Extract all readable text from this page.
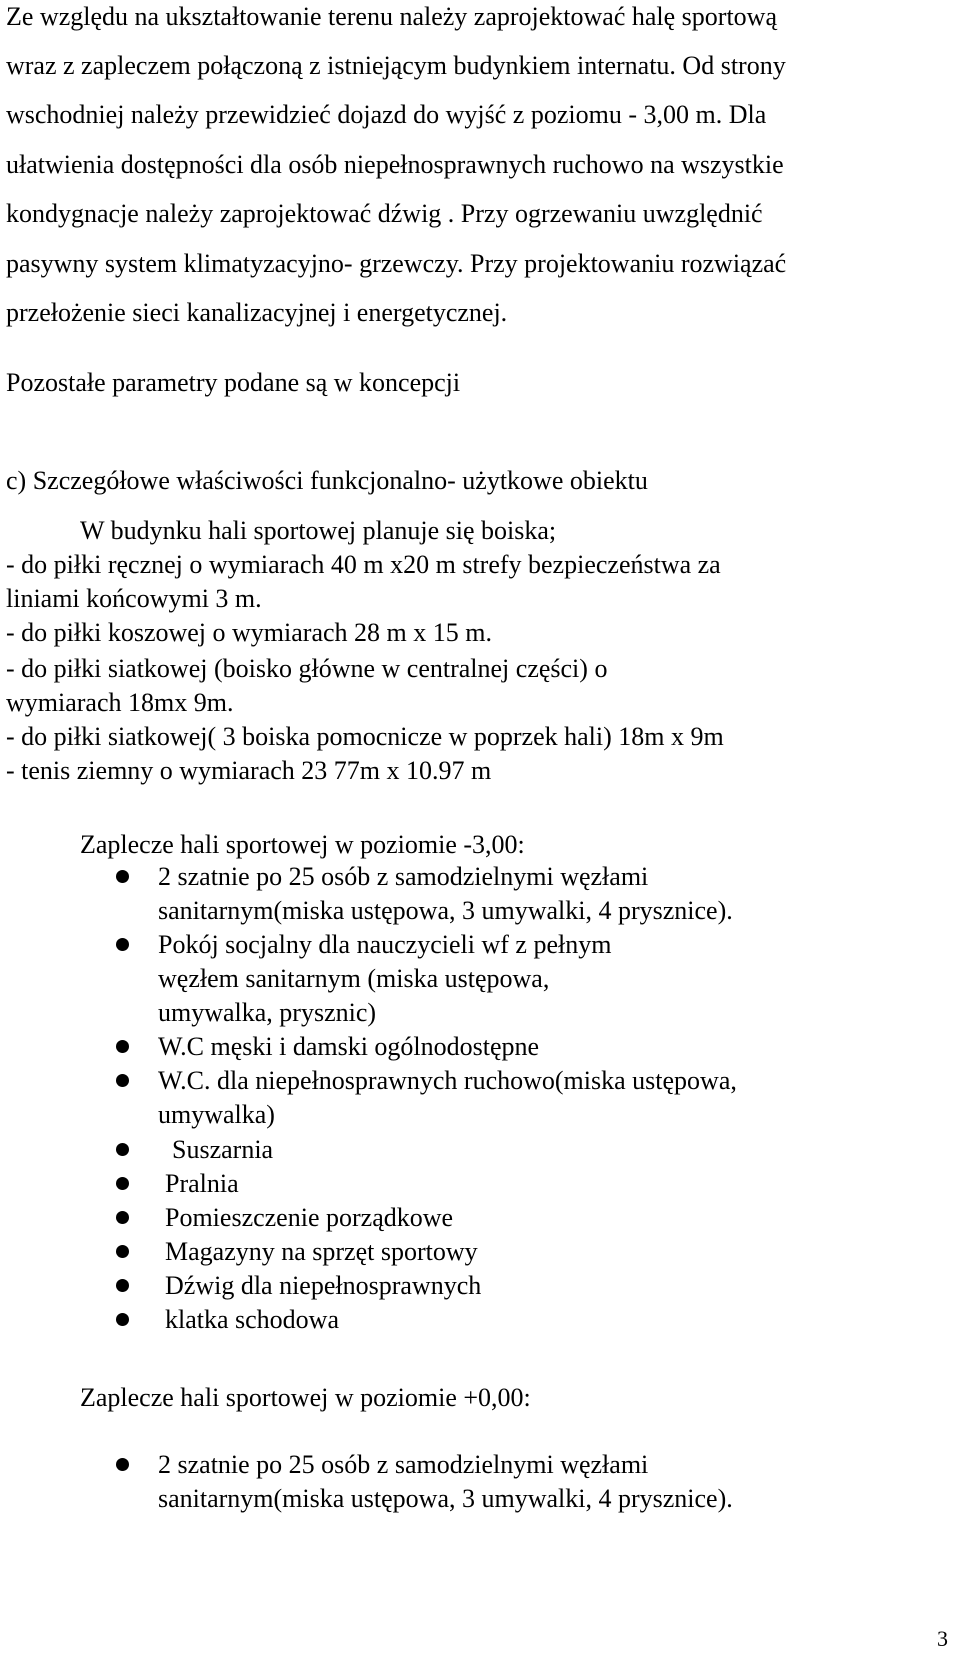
Ze względu na ukształtowanie terenu należy zaprojektować halę sportową
wraz z zapleczem połączoną z istniejącym budynkiem internatu. Od strony
wschodniej należy przewidzieć dojazd do wyjść z poziomu - 3,00 m. Dla
ułatwienia dostępności dla osób niepełnosprawnych ruchowo na wszystkie
kondygnacje należy zaprojektować dźwig . Przy ogrzewaniu uwzględnić
pasywny system klimatyzacyjno- grzewczy. Przy projektowaniu rozwiązać
przełożenie sieci kanalizacyjnej i energetycznej.
Pozostałe parametry podane są w koncepcji
c) Szczegółowe właściwości funkcjonalno- użytkowe obiektu
W budynku hali sportowej planuje się boiska;
- do piłki ręcznej o wymiarach 40 m x20 m strefy bezpieczeństwa za
liniami końcowymi 3 m.
- do piłki koszowej o wymiarach 28 m x 15 m.
- do piłki siatkowej (boisko główne w centralnej części) o
wymiarach 18mx 9m.
- do piłki siatkowej( 3 boiska pomocnicze w poprzek hali) 18m x 9m
- tenis ziemny o wymiarach 23 77m x 10.97 m
Zaplecze hali sportowej w poziomie -3,00:
2 szatnie po 25 osób z samodzielnymi węzłami
sanitarnym(miska ustępowa, 3 umywalki, 4 prysznice).
Pokój socjalny dla nauczycieli wf z pełnym
węzłem sanitarnym (miska ustępowa,
umywalka, prysznic)
W.C męski i damski ogólnodostępne
W.C. dla niepełnosprawnych ruchowo(miska ustępowa,
umywalka)
Suszarnia
Pralnia
Pomieszczenie porządkowe
Magazyny na sprzęt sportowy
Dźwig dla niepełnosprawnych
klatka schodowa
Zaplecze hali sportowej w poziomie +0,00:
2 szatnie po 25 osób z samodzielnymi węzłami
sanitarnym(miska ustępowa, 3 umywalki, 4 prysznice).
3
